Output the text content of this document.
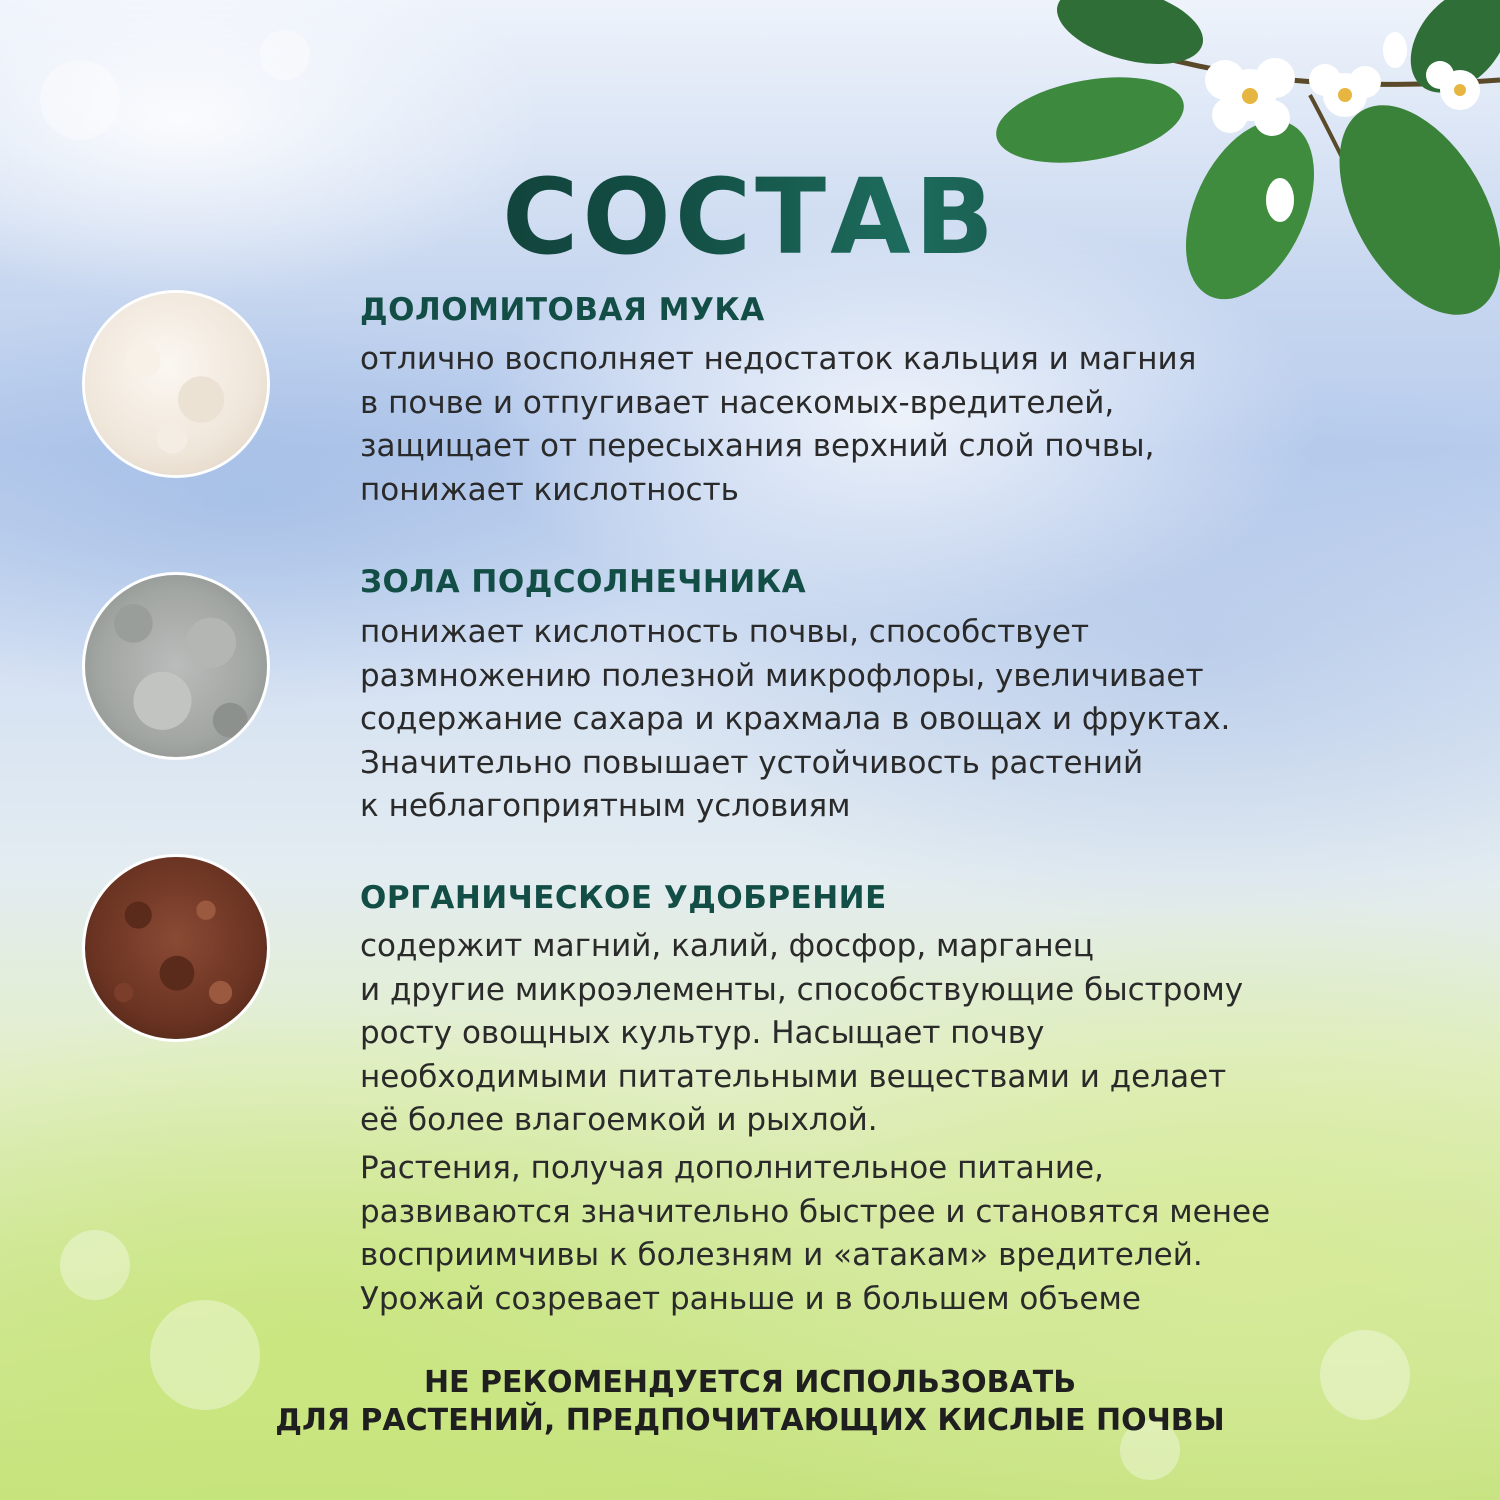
СОСТАВ
ДОЛОМИТОВАЯ МУКА

отлично восполняет недостаток кальция и магния
в почве и отпугивает насекомых-вредителей,
защищает от пересыхания верхний слой почвы,
понижает кислотность

ЗОЛА ПОДСОЛНЕЧНИКА

понижает кислотность почвы, способствует
размножению полезной микрофлоры, увеличивает
содержание сахара и крахмала в овощах и фруктах.
Значительно повышает устойчивость растений
к неблагоприятным условиям

ОРГАНИЧЕСКОЕ УДОБРЕНИЕ

содержит магний, калий, фосфор, марганец
и другие микроэлементы, способствующие быстрому
росту овощных культур. Насыщает почву
необходимыми питательными веществами и делает
её более влагоемкой и рыхлой.

Растения, получая дополнительное питание,
развиваются значительно быстрее и становятся менее
восприимчивы к болезням и «атакам» вредителей.
Урожай созревает раньше и в большем объеме

НЕ РЕКОМЕНДУЕТСЯ ИСПОЛЬЗОВАТЬ
ДЛЯ РАСТЕНИЙ, ПРЕДПОЧИТАЮЩИХ КИСЛЫЕ ПОЧВЫ
